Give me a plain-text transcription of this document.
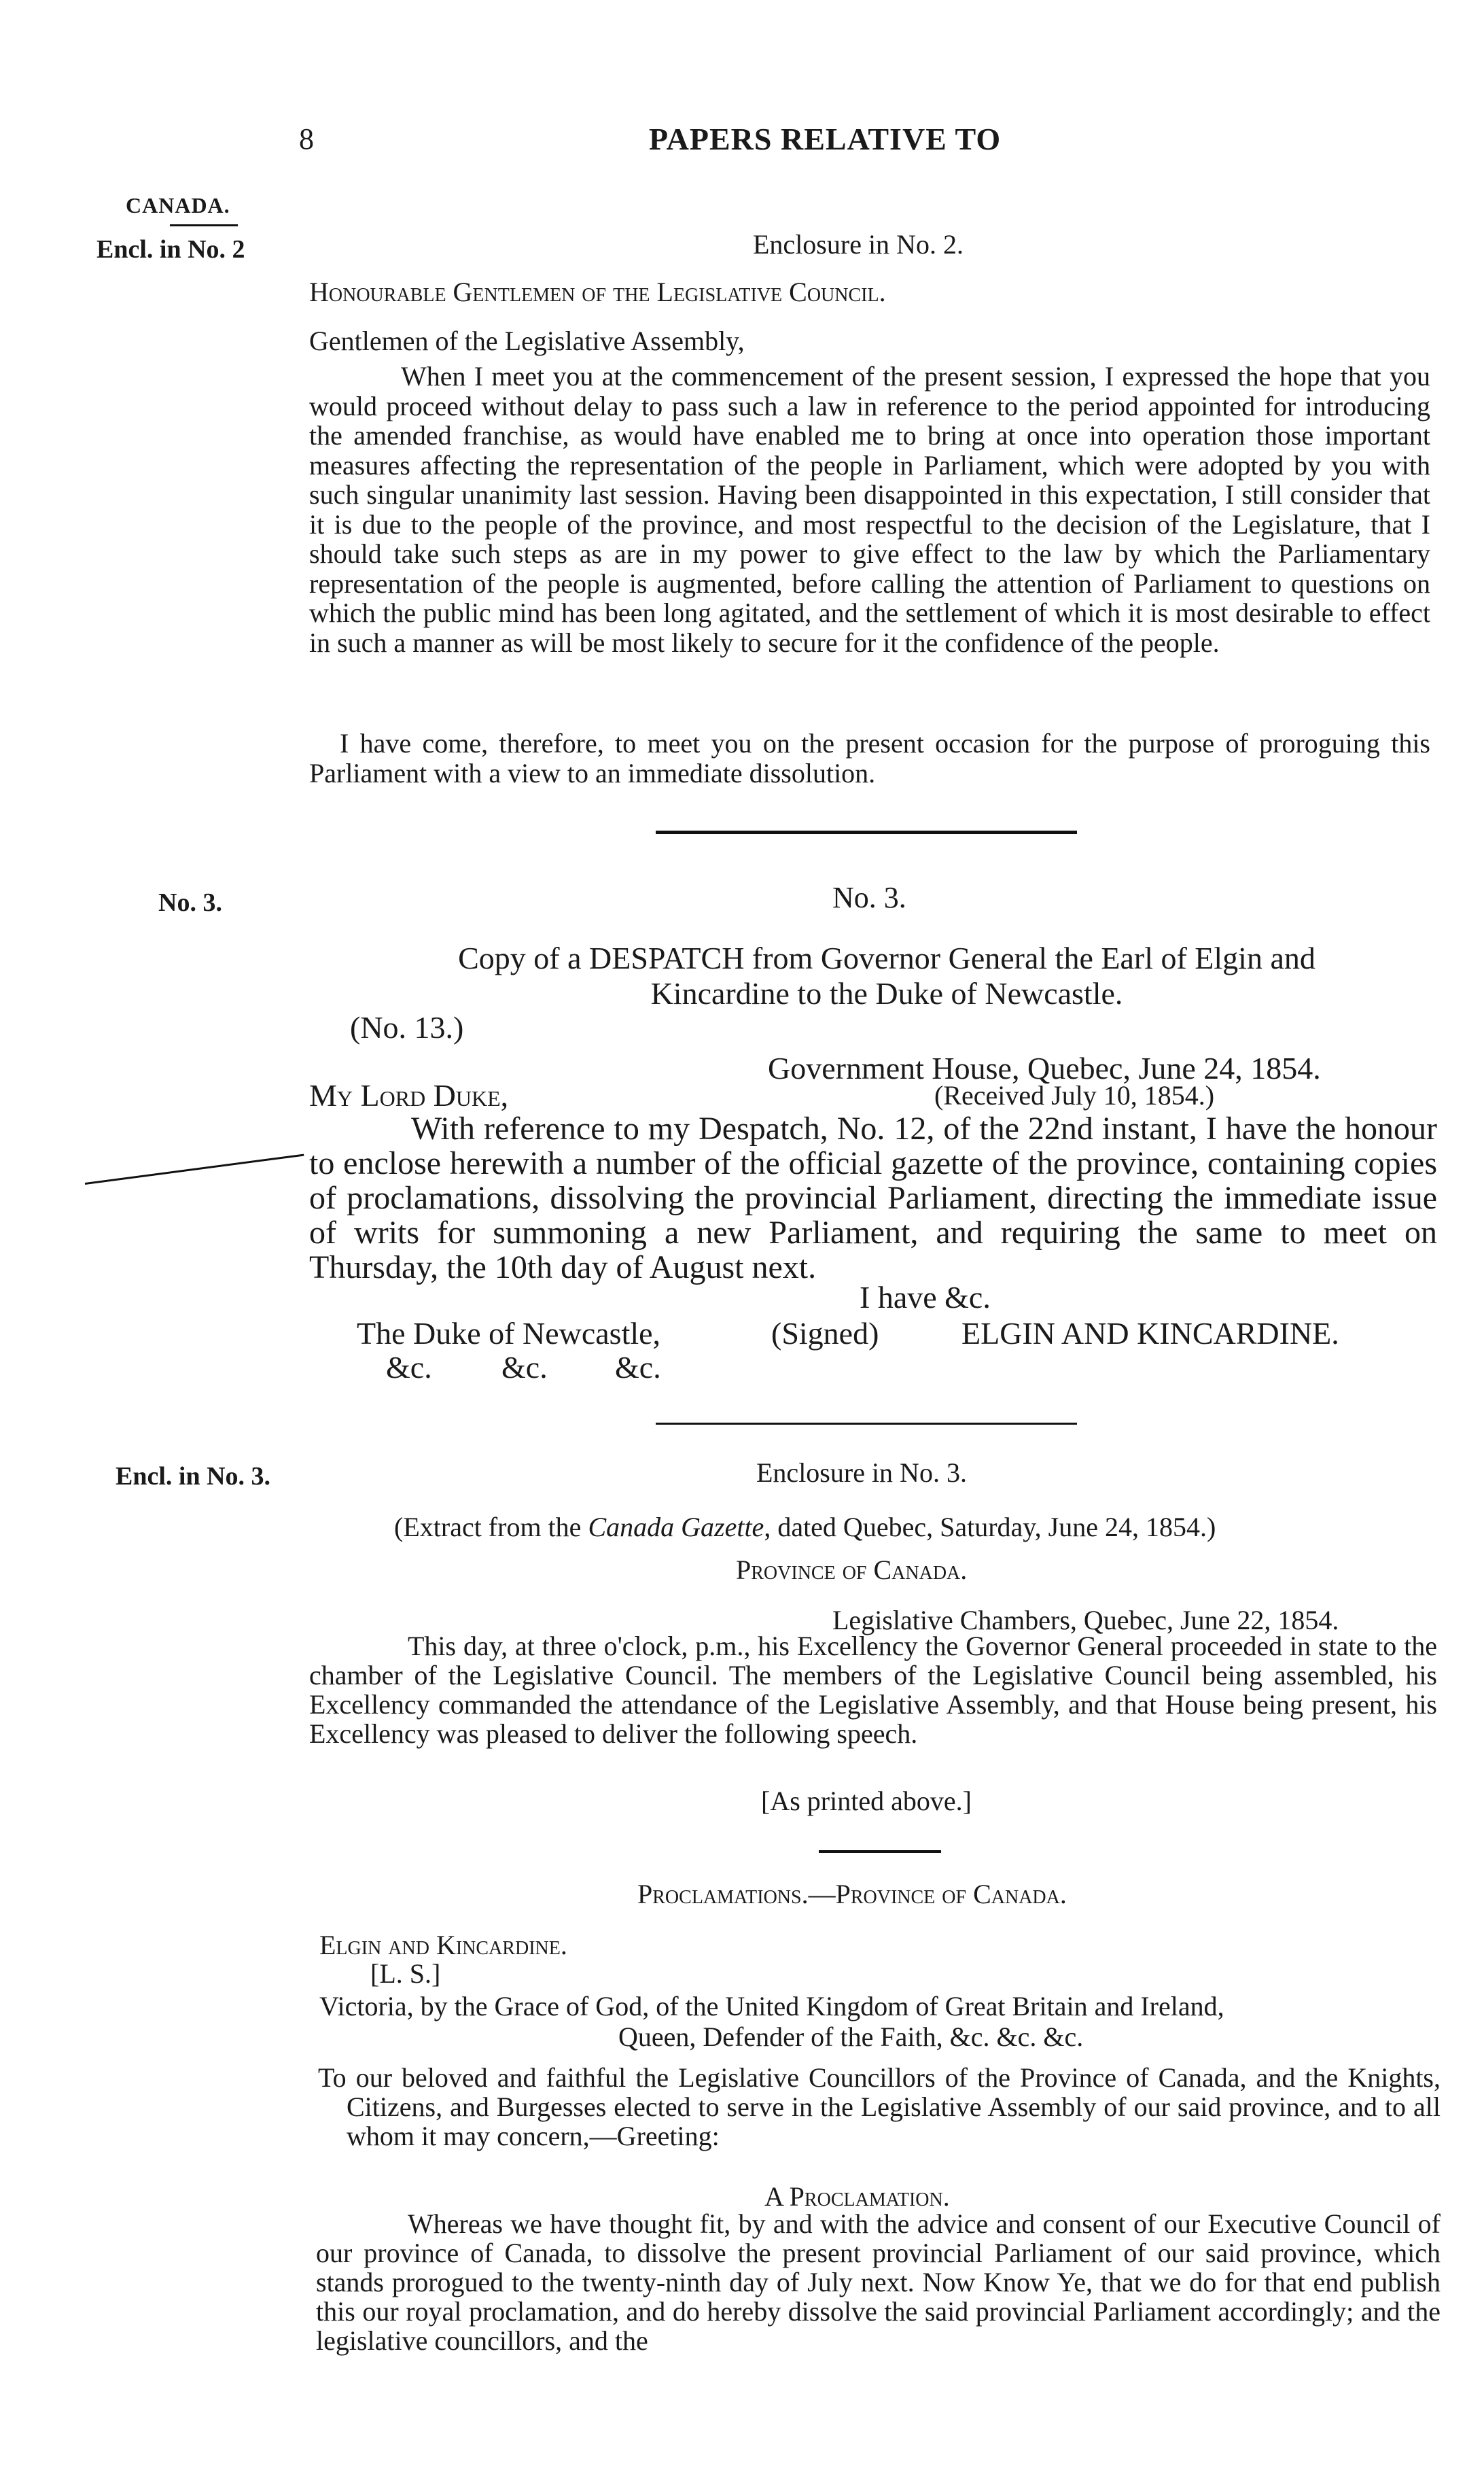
8	PAPERS RELATIVE TO
CANADA.
Encl. in No. 2
No. 3.
Encl. in No. 3.
Enclosure in No. 2.
Honourable Gentlemen of the Legislative Council.
Gentlemen of the Legislative Assembly,
When I meet you at the commencement of the present session, I expressed the hope that you would proceed without delay to pass such a law in reference to the period appointed for introducing the amended franchise, as would have enabled me to bring at once into operation those important measures affecting the representation of the people in Parliament, which were adopted by you with such singular unanimity last session. Having been disappointed in this expectation, I still consider that it is due to the people of the province, and most respectful to the decision of the Legislature, that I should take such steps as are in my power to give effect to the law by which the Parliamentary representation of the people is augmented, before calling the attention of Parliament to questions on which the public mind has been long agitated, and the settlement of which it is most desirable to effect in such a manner as will be most likely to secure for it the confidence of the people.
I have come, therefore, to meet you on the present occasion for the purpose of proroguing this Parliament with a view to an immediate dissolution.
No. 3.
Copy of a DESPATCH from Governor General the Earl of Elgin and
Kincardine to the Duke of Newcastle.
(No. 13.)
Government House, Quebec, June 24, 1854.
(Received July 10, 1854.)
My Lord Duke,
With reference to my Despatch, No. 12, of the 22nd instant, I have the honour to enclose herewith a number of the official gazette of the province, containing copies of proclamations, dissolving the provincial Parliament, directing the immediate issue of writs for summoning a new Parliament, and requiring the same to meet on Thursday, the 10th day of August next.
I have &c.
The Duke of Newcastle,	(Signed)	ELGIN AND KINCARDINE.
&c. &c. &c.
Enclosure in No. 3.
(Extract from the Canada Gazette, dated Quebec, Saturday, June 24, 1854.)
Province of Canada.
Legislative Chambers, Quebec, June 22, 1854.
This day, at three o'clock, p.m., his Excellency the Governor General proceeded in state to the chamber of the Legislative Council. The members of the Legislative Council being assembled, his Excellency commanded the attendance of the Legislative Assembly, and that House being present, his Excellency was pleased to deliver the following speech.
[As printed above.]
Proclamations.—Province of Canada.
Elgin and Kincardine.
[L. S.]
Victoria, by the Grace of God, of the United Kingdom of Great Britain and Ireland,
Queen, Defender of the Faith, &c. &c. &c.
To our beloved and faithful the Legislative Councillors of the Province of Canada, and the Knights, Citizens, and Burgesses elected to serve in the Legislative Assembly of our said province, and to all whom it may concern,—Greeting:
A Proclamation.
Whereas we have thought fit, by and with the advice and consent of our Executive Council of our province of Canada, to dissolve the present provincial Parliament of our said province, which stands prorogued to the twenty-ninth day of July next. Now Know Ye, that we do for that end publish this our royal proclamation, and do hereby dissolve the said provincial Parliament accordingly; and the legislative councillors, and the
